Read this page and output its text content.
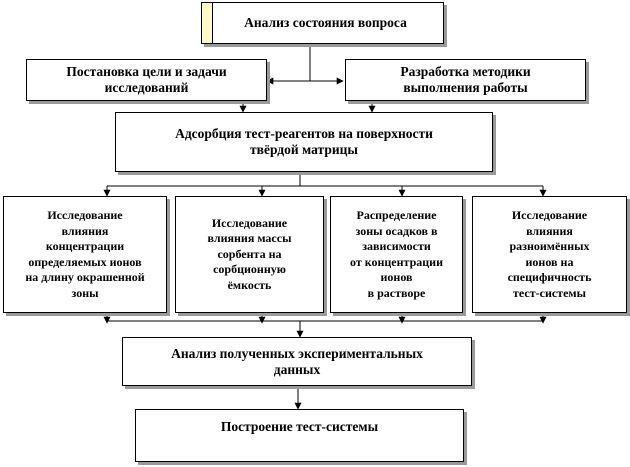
Анализ состояния вопроса
Постановка цели и задачи
исследований
Разработка методики
выполнения работы
Адсорбция тест-реагентов на поверхности
твёрдой матрицы
Исследование
влияния
концентрации
определяемых ионов
на длину окрашенной
зоны
Исследование
влияния массы
сорбента на
сорбционную
ёмкость
Распределение
зоны осадков в
зависимости
от концентрации
ионов
в растворе
Исследование
влияния
разноимённых
ионов на
специфичность
тест-системы
Анализ полученных экспериментальных
данных
Построение тест-системы
